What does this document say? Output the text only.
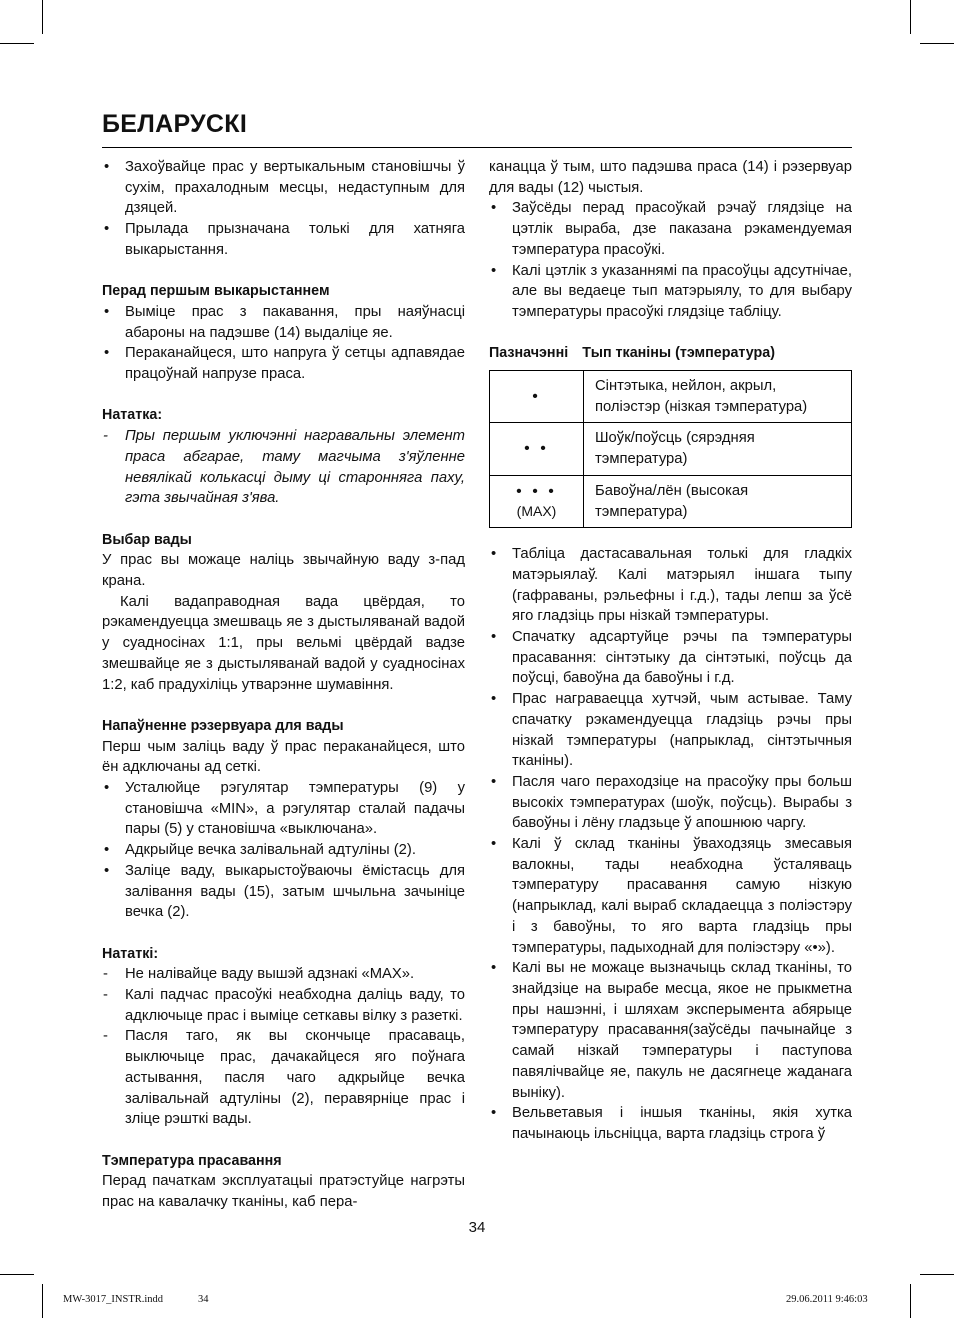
БЕЛАРУСКІ
• Захоўвайце прас у вертыкальным становішчы ў сухім, прахалодным месцы, недаступным для дзяцей.
• Прылада прызначана толькі для хатняга выкарыстання.

Перад першым выкарыстаннем

• Выміце прас з пакавання, пры наяўнасці абароны на падэшве (14) выдаліце яе.
• Пераканайцеся, што напруга ў сетцы адпавядае працоўнай напрузе праса.

Нататка:

- Пры першым уключэнні награвальны элемент праса абгарае, таму магчыма з'яўленне невялікай колькасці дыму ці староннягa паху, гэта звычайная з'ява.

Выбар вады

У прас вы можаце наліць звычайную ваду з-пад крана.

Калі вадаправодная вада цвёрдая, то рэкамендуецца змешваць яе з дыстыляванай вадой у суадносінах 1:1, пры вельмі цвёрдай вадзе змешвайце яе з дыстыляванай вадой у суадносінах 1:2, каб прадухіліць утварэнне шумавіння.

Напаўненне рэзервуара для вады

Перш чым заліць ваду ў прас пераканайцеся, што ён адключаны ад сеткі.

• Усталюйце рэгулятар тэмпературы (9) у становішча «MIN», а рэгулятар сталай падачы пары (5) у становішча «выключана».
• Адкрыйце вечка залівальнай адтуліны (2).
• Заліце ваду, выкарыстоўваючы ёмістасць для залівання вады (15), затым шчыльна зачыніце вечка (2).

Нататкі:

- Не налівайце ваду вышэй адзнакі «MAX».
- Калі падчас прасоўкі неабходна даліць ваду, то адключыце прас і выміце сеткавы вілку з разеткі.
- Пасля таго, як вы скончыце прасаваць, выключыце прас, дачакайцеся яго поўнага астывання, пасля чаго адкрыйце вечка залівальнай адтуліны (2), перавярніце прас і зліце рэшткі вады.

Тэмпература прасавання

Перад пачаткам эксплуатацыі пратэстуйце нагрэты прас на кавалачку тканіны, каб пера-

канацца ў тым, што падэшва праса (14) і рэзервуар для вады (12) чыстыя.

• Заўсёды перад прасоўкай рэчаў глядзіце на цэтлік выраба, дзе паказана рэкамендуемая тэмпература прасоўкі.
• Калі цэтлік з указаннямі па прасоўцы адсутнічае, але вы ведаеце тып матэрыялу, то для выбару тэмпературы прасоўкі глядзіце табліцу.

Пазначэнні Тып тканіны (тэмпература)

•	Сінтэтыка, нейлон, акрыл, поліэстэр (нізкая тэмпература)

• •	Шоўк/поўсць (сярэдняя тэмпература)

• • •
(MAX)	Бавоўна/лён (высокая тэмпература)
• Табліца дастасавальная толькі для гладкіх матэрыялаў. Калі матэрыял іншага тыпу (гафраваны, рэльефны і г.д.), тады лепш за ўсё яго гладзіць пры нізкай тэмпературы.
• Спачатку адсартуйце рэчы па тэмпературы прасавання: сінтэтыку да сінтэтыкі, поўсць да поўсці, бавоўна да бавоўны і г.д.
• Прас награваецца хутчэй, чым астывае. Таму спачатку рэкамендуецца гладзіць рэчы пры нізкай тэмпературы (напрыклад, сінтэтычныя тканіны).
• Пасля чаго пераходзіце на прасоўку пры больш высокіх тэмпературах (шоўк, поўсць). Вырабы з бавоўны і лёну гладзьце ў апошнюю чаргу.
• Калі ў склад тканіны ўваходзяць змесавыя валокны, тады неабходна ўсталяваць тэмпературу прасавання самую нізкую (напрыклад, калі выраб складаецца з поліэстэру і з бавоўны, то яго варта гладзіць пры тэмпературы, падыходнай для поліэстэру «•»).
• Калі вы не можаце вызначыць склад тканіны, то знайдзіце на вырабе месца, якое не прыкметна пры нашэнні, і шляхам эксперымента абярыце тэмпературу прасавання(заўсёды пачынайце з самай нізкай тэмпературы і паступова павялічвайце яе, пакуль не дасягнеце жаданага выніку).
• Вельветавыя і іншыя тканіны, якія хутка пачынаюць ільсніцца, варта гладзіць строга ў
34
MW-3017_INSTR.indd	34	29.06.2011 9:46:03
